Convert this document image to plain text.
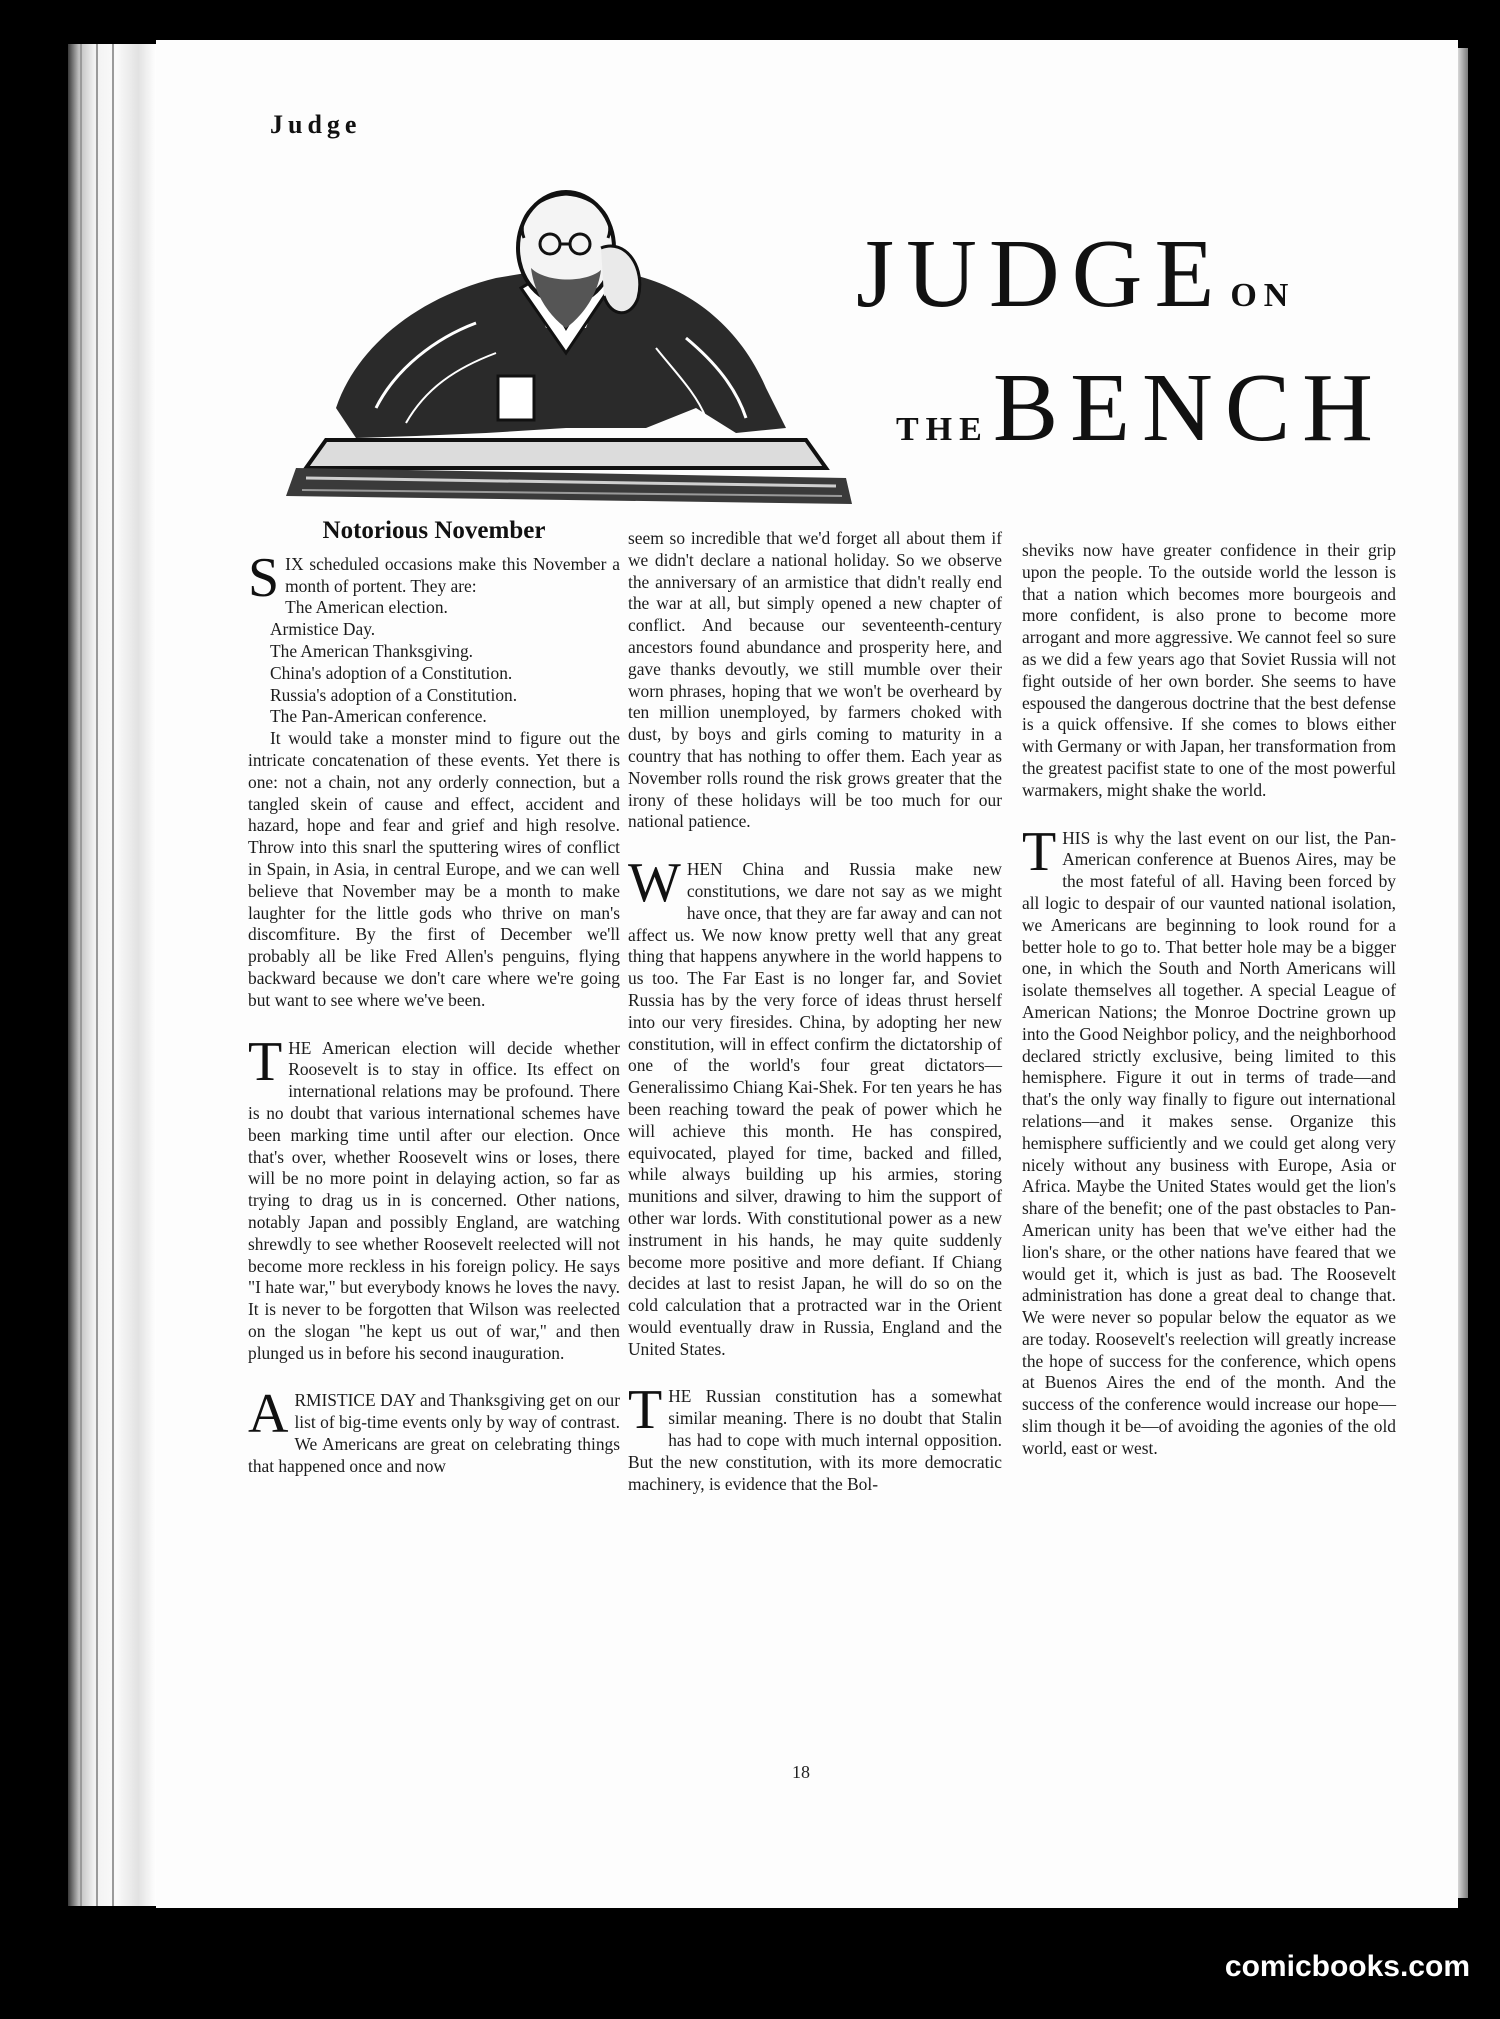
Judge
JUDGE ON
THE BENCH
Notorious November

SIX scheduled occasions make this November a month of portent. They are:

The American election.

Armistice Day.

The American Thanksgiving.

China's adoption of a Constitution.

Russia's adoption of a Constitution.

The Pan-American conference.

It would take a monster mind to figure out the intricate concatenation of these events. Yet there is one: not a chain, not any orderly connection, but a tangled skein of cause and effect, accident and hazard, hope and fear and grief and high resolve. Throw into this snarl the sputtering wires of conflict in Spain, in Asia, in central Europe, and we can well believe that November may be a month to make laughter for the little gods who thrive on man's discomfiture. By the first of December we'll probably all be like Fred Allen's penguins, flying backward because we don't care where we're going but want to see where we've been.

THE American election will decide whether Roosevelt is to stay in office. Its effect on international relations may be profound. There is no doubt that various international schemes have been marking time until after our election. Once that's over, whether Roosevelt wins or loses, there will be no more point in delaying action, so far as trying to drag us in is concerned. Other nations, notably Japan and possibly England, are watching shrewdly to see whether Roosevelt reelected will not become more reckless in his foreign policy. He says "I hate war," but everybody knows he loves the navy. It is never to be forgotten that Wilson was reelected on the slogan "he kept us out of war," and then plunged us in before his second inauguration.

ARMISTICE DAY and Thanksgiving get on our list of big-time events only by way of contrast. We Americans are great on celebrating things that happened once and now

seem so incredible that we'd forget all about them if we didn't declare a national holiday. So we observe the anniversary of an armistice that didn't really end the war at all, but simply opened a new chapter of conflict. And because our seventeenth-century ancestors found abundance and prosperity here, and gave thanks devoutly, we still mumble over their worn phrases, hoping that we won't be overheard by ten million unemployed, by farmers choked with dust, by boys and girls coming to maturity in a country that has nothing to offer them. Each year as November rolls round the risk grows greater that the irony of these holidays will be too much for our national patience.

WHEN China and Russia make new constitutions, we dare not say as we might have once, that they are far away and can not affect us. We now know pretty well that any great thing that happens anywhere in the world happens to us too. The Far East is no longer far, and Soviet Russia has by the very force of ideas thrust herself into our very firesides. China, by adopting her new constitution, will in effect confirm the dictatorship of one of the world's four great dictators—Generalissimo Chiang Kai-Shek. For ten years he has been reaching toward the peak of power which he will achieve this month. He has conspired, equivocated, played for time, backed and filled, while always building up his armies, storing munitions and silver, drawing to him the support of other war lords. With constitutional power as a new instrument in his hands, he may quite suddenly become more positive and more defiant. If Chiang decides at last to resist Japan, he will do so on the cold calculation that a protracted war in the Orient would eventually draw in Russia, England and the United States.

THE Russian constitution has a somewhat similar meaning. There is no doubt that Stalin has had to cope with much internal opposition. But the new constitution, with its more democratic machinery, is evidence that the Bol-

sheviks now have greater confidence in their grip upon the people. To the outside world the lesson is that a nation which becomes more bourgeois and more confident, is also prone to become more arrogant and more aggressive. We cannot feel so sure as we did a few years ago that Soviet Russia will not fight outside of her own border. She seems to have espoused the dangerous doctrine that the best defense is a quick offensive. If she comes to blows either with Germany or with Japan, her transformation from the greatest pacifist state to one of the most powerful warmakers, might shake the world.

THIS is why the last event on our list, the Pan-American conference at Buenos Aires, may be the most fateful of all. Having been forced by all logic to despair of our vaunted national isolation, we Americans are beginning to look round for a better hole to go to. That better hole may be a bigger one, in which the South and North Americans will isolate themselves all together. A special League of American Nations; the Monroe Doctrine grown up into the Good Neighbor policy, and the neighborhood declared strictly exclusive, being limited to this hemisphere. Figure it out in terms of trade—and that's the only way finally to figure out international relations—and it makes sense. Organize this hemisphere sufficiently and we could get along very nicely without any business with Europe, Asia or Africa. Maybe the United States would get the lion's share of the benefit; one of the past obstacles to Pan-American unity has been that we've either had the lion's share, or the other nations have feared that we would get it, which is just as bad. The Roosevelt administration has done a great deal to change that. We were never so popular below the equator as we are today. Roosevelt's reelection will greatly increase the hope of success for the conference, which opens at Buenos Aires the end of the month. And the success of the conference would increase our hope—slim though it be—of avoiding the agonies of the old world, east or west.

18
comicbooks.com
